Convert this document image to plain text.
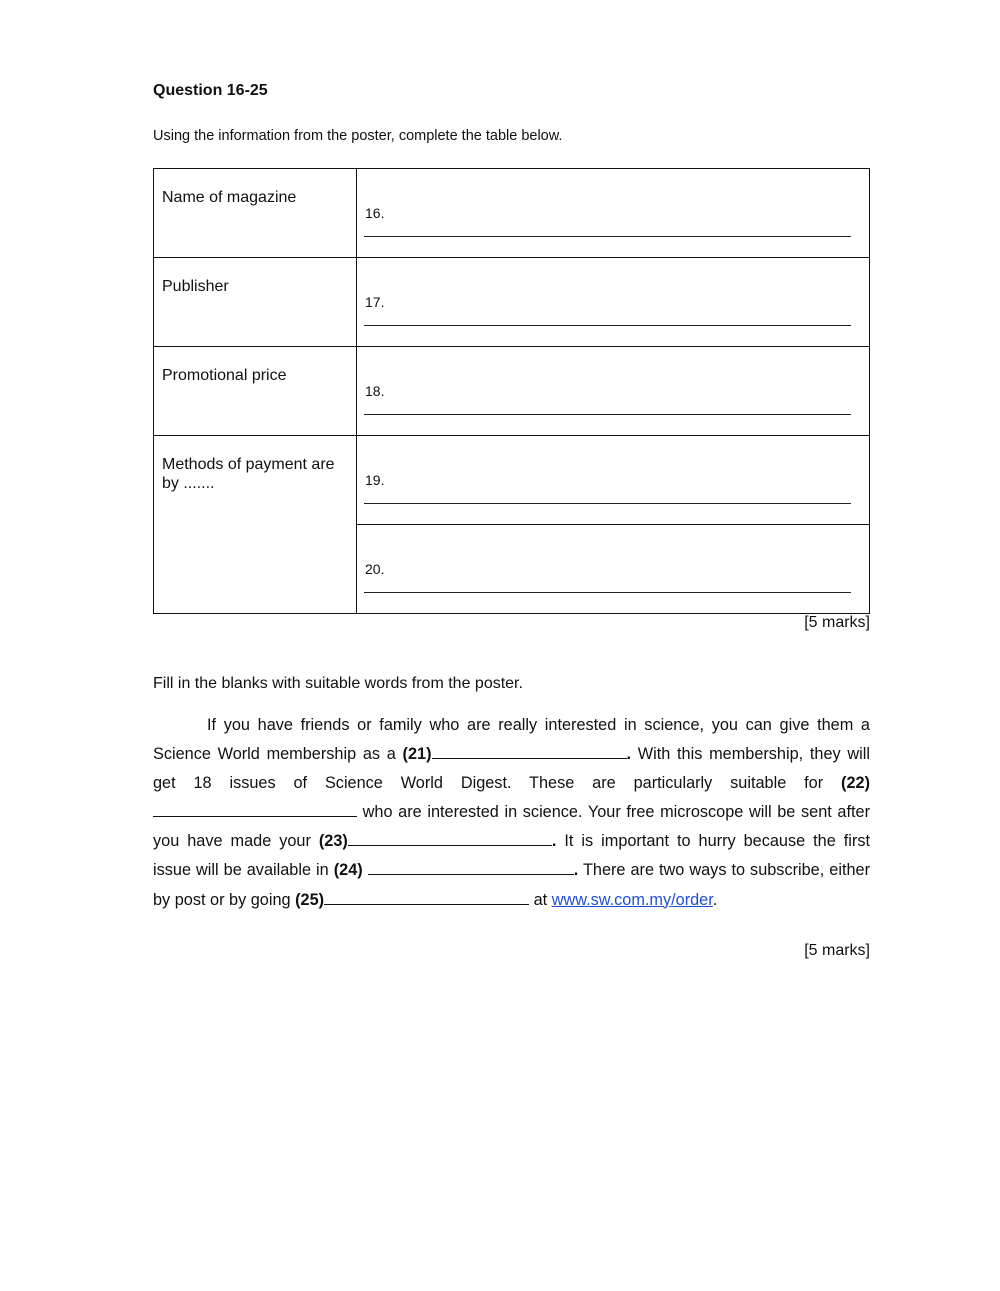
Question 16-25
Using the information from the poster, complete the table below.
Name of magazine	16.

Publisher	17.

Promotional price	18.

Methods of payment are by .......	19.

	20.
[5 marks]
Fill in the blanks with suitable words from the poster.
If you have friends or family who are really interested in science, you can give them a Science World membership as a (21)	. With this membership, they will get 18 issues of Science World Digest. These are particularly suitable for (22) who are interested in science. Your free microscope will be sent after you have made your (23)	. It is important to hurry because the first issue will be available in (24)	. There are two ways to subscribe, either by post or by going (25)	at www.sw.com.my/order.
[5 marks]
